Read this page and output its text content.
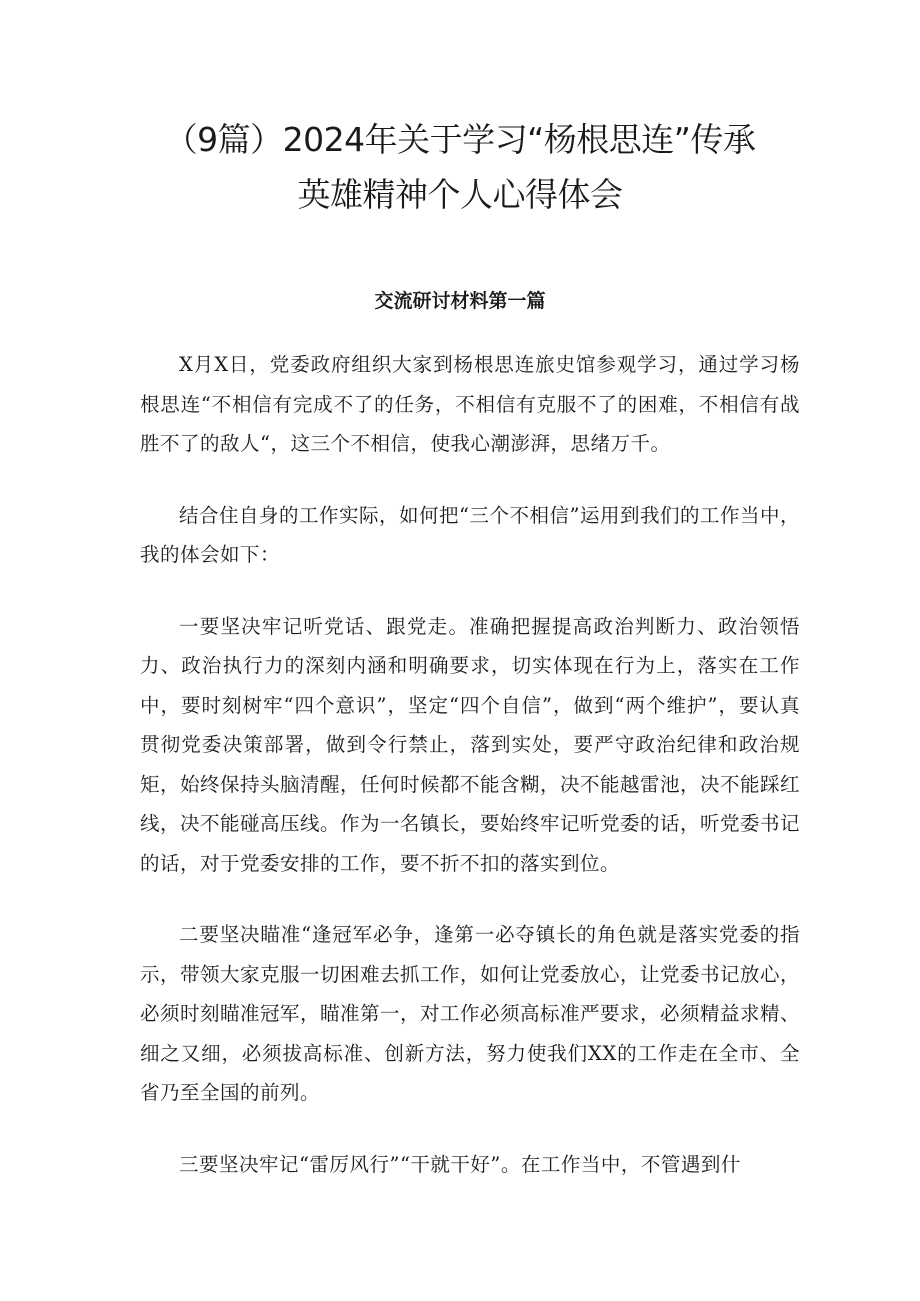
（9篇）2024年关于学习“杨根思连”传承
英雄精神个人心得体会
交流研讨材料第一篇

X月X日，党委政府组织大家到杨根思连旅史馆参观学习，通过学习杨根思连“不相信有完成不了的任务，不相信有克服不了的困难，不相信有战胜不了的敌人“，这三个不相信，使我心潮澎湃，思绪万千。

结合住自身的工作实际，如何把“三个不相信”运用到我们的工作当中，我的体会如下：

一要坚决牢记听党话、跟党走。准确把握提高政治判断力、政治领悟力、政治执行力的深刻内涵和明确要求，切实体现在行为上，落实在工作中，要时刻树牢“四个意识”，坚定“四个自信”，做到“两个维护”，要认真贯彻党委决策部署，做到令行禁止，落到实处，要严守政治纪律和政治规矩，始终保持头脑清醒，任何时候都不能含糊，决不能越雷池，决不能踩红线，决不能碰高压线。作为一名镇长，要始终牢记听党委的话，听党委书记的话，对于党委安排的工作，要不折不扣的落实到位。

二要坚决瞄准“逢冠军必争，逢第一必夺镇长的角色就是落实党委的指示，带领大家克服一切困难去抓工作，如何让党委放心，让党委书记放心，必须时刻瞄准冠军，瞄准第一，对工作必须高标准严要求，必须精益求精、细之又细，必须拔高标准、创新方法，努力使我们XX的工作走在全市、全省乃至全国的前列。

三要坚决牢记“雷厉风行”“干就干好”。在工作当中，不管遇到什
